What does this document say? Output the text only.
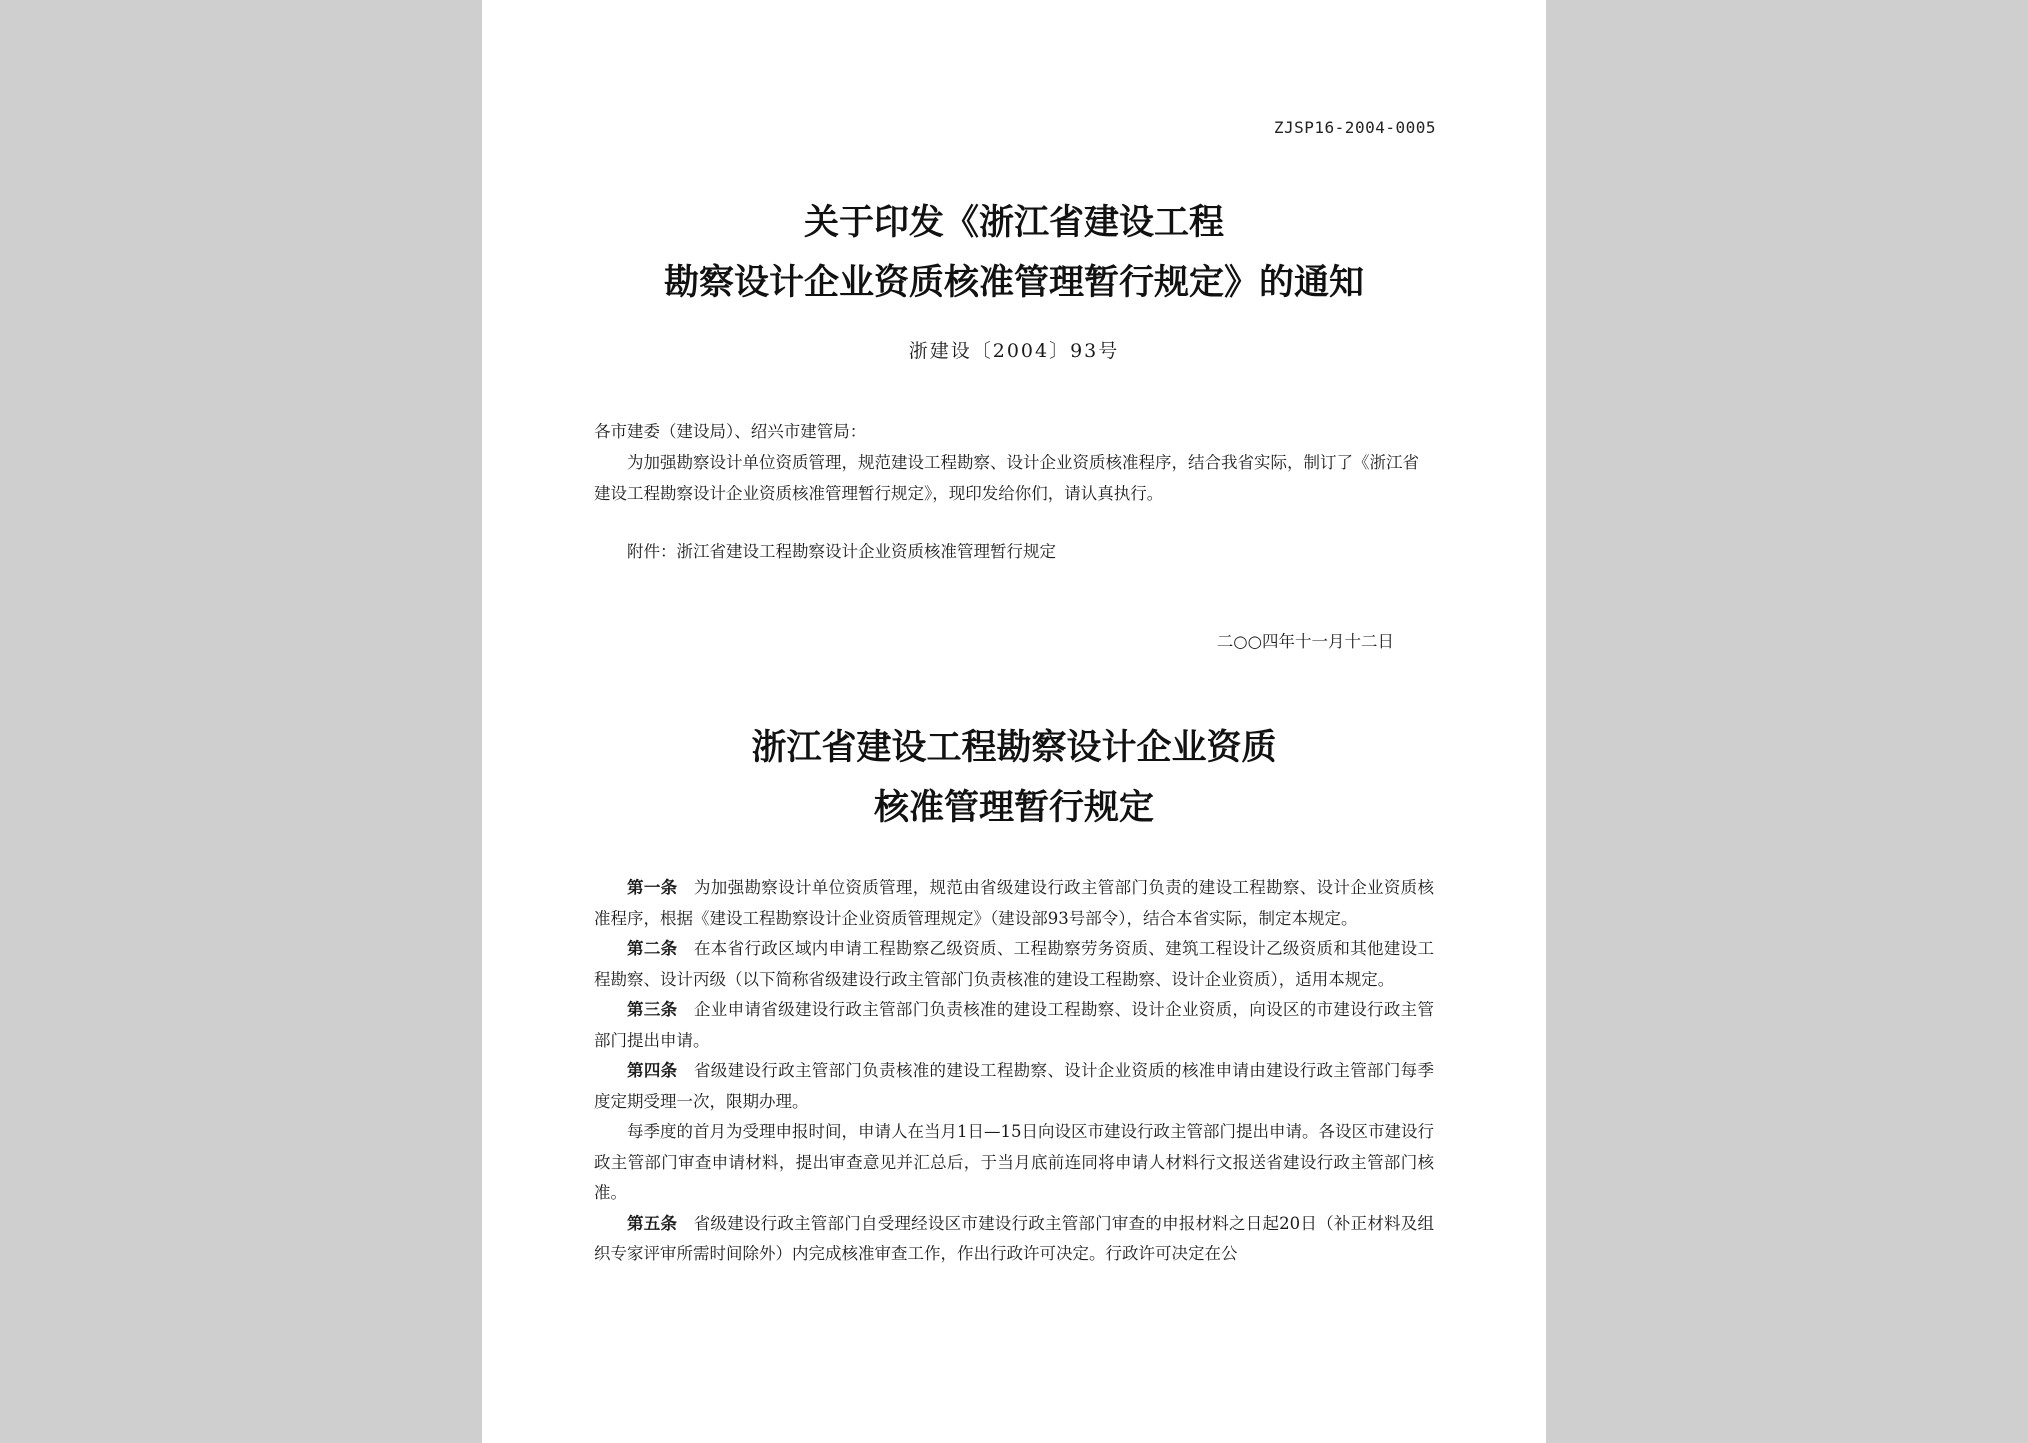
ZJSP16-2004-0005
关于印发《浙江省建设工程
勘察设计企业资质核准管理暂行规定》的通知
浙建设〔2004〕93号
各市建委（建设局）、绍兴市建管局：
为加强勘察设计单位资质管理，规范建设工程勘察、设计企业资质核准程序，结合我省实际，制订了《浙江省建设工程勘察设计企业资质核准管理暂行规定》，现印发给你们，请认真执行。
附件：浙江省建设工程勘察设计企业资质核准管理暂行规定
二○○四年十一月十二日
浙江省建设工程勘察设计企业资质
核准管理暂行规定

第一条 为加强勘察设计单位资质管理，规范由省级建设行政主管部门负责的建设工程勘察、设计企业资质核准程序，根据《建设工程勘察设计企业资质管理规定》（建设部93号部令），结合本省实际，制定本规定。

第二条 在本省行政区域内申请工程勘察乙级资质、工程勘察劳务资质、建筑工程设计乙级资质和其他建设工程勘察、设计丙级（以下简称省级建设行政主管部门负责核准的建设工程勘察、设计企业资质），适用本规定。

第三条 企业申请省级建设行政主管部门负责核准的建设工程勘察、设计企业资质，向设区的市建设行政主管部门提出申请。

第四条 省级建设行政主管部门负责核准的建设工程勘察、设计企业资质的核准申请由建设行政主管部门每季度定期受理一次，限期办理。

每季度的首月为受理申报时间，申请人在当月1日—15日向设区市建设行政主管部门提出申请。各设区市建设行政主管部门审查申请材料，提出审查意见并汇总后，于当月底前连同将申请人材料行文报送省建设行政主管部门核准。

第五条 省级建设行政主管部门自受理经设区市建设行政主管部门审查的申报材料之日起20日（补正材料及组织专家评审所需时间除外）内完成核准审查工作，作出行政许可决定。行政许可决定在公
